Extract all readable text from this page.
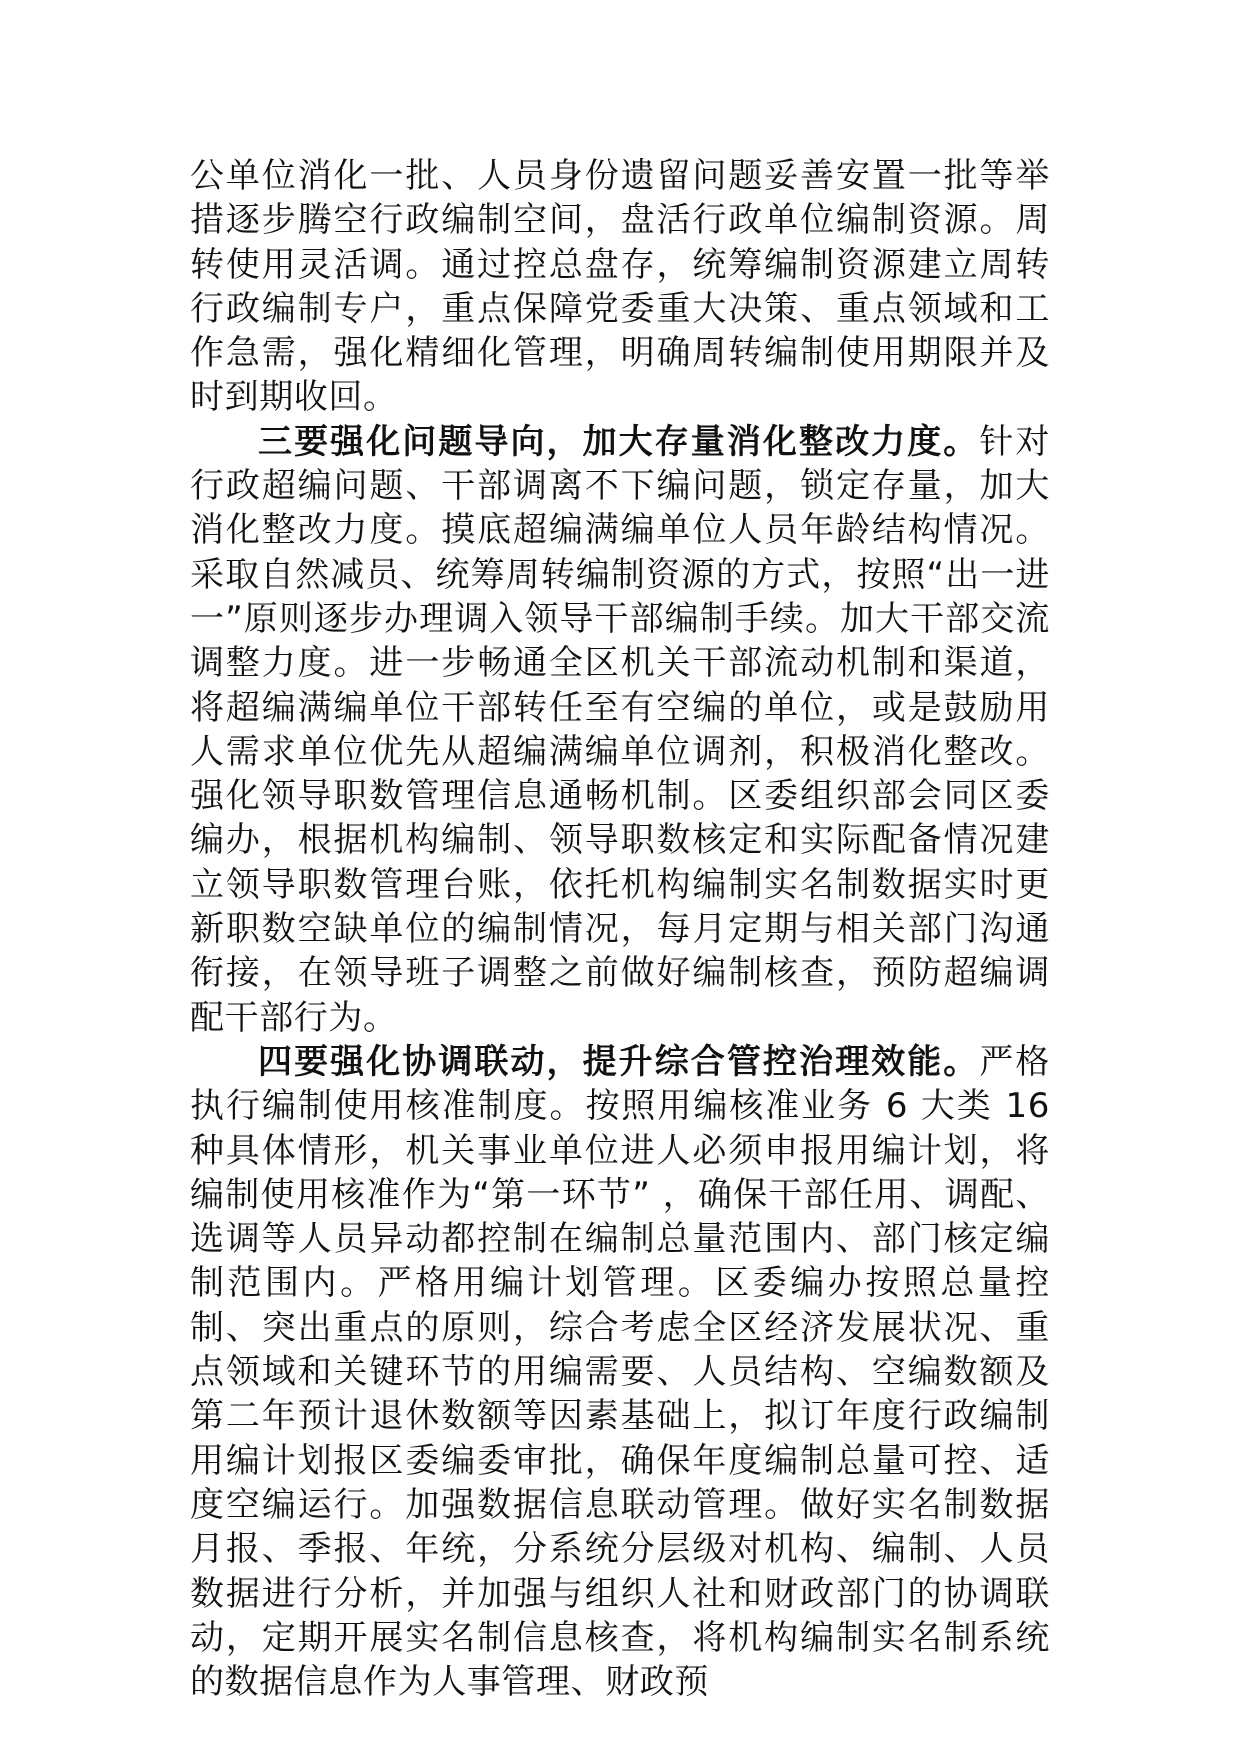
公单位消化一批、人员身份遗留问题妥善安置一批等举措逐步腾空行政编制空间，盘活行政单位编制资源。周转使用灵活调。通过控总盘存，统筹编制资源建立周转行政编制专户，重点保障党委重大决策、重点领域和工作急需，强化精细化管理，明确周转编制使用期限并及时到期收回。

三要强化问题导向，加大存量消化整改力度。针对行政超编问题、干部调离不下编问题，锁定存量，加大消化整改力度。摸底超编满编单位人员年龄结构情况。采取自然减员、统筹周转编制资源的方式，按照“出一进一”原则逐步办理调入领导干部编制手续。加大干部交流调整力度。进一步畅通全区机关干部流动机制和渠道，将超编满编单位干部转任至有空编的单位，或是鼓励用人需求单位优先从超编满编单位调剂，积极消化整改。强化领导职数管理信息通畅机制。区委组织部会同区委编办，根据机构编制、领导职数核定和实际配备情况建立领导职数管理台账，依托机构编制实名制数据实时更新职数空缺单位的编制情况，每月定期与相关部门沟通衔接，在领导班子调整之前做好编制核查，预防超编调配干部行为。

四要强化协调联动，提升综合管控治理效能。严格执行编制使用核准制度。按照用编核准业务 6 大类 16 种具体情形，机关事业单位进人必须申报用编计划，将编制使用核准作为“第一环节” ，确保干部任用、调配、选调等人员异动都控制在编制总量范围内、部门核定编制范围内。严格用编计划管理。区委编办按照总量控制、突出重点的原则，综合考虑全区经济发展状况、重点领域和关键环节的用编需要、人员结构、空编数额及第二年预计退休数额等因素基础上，拟订年度行政编制用编计划报区委编委审批，确保年度编制总量可控、适度空编运行。加强数据信息联动管理。做好实名制数据月报、季报、年统，分系统分层级对机构、编制、人员数据进行分析，并加强与组织人社和财政部门的协调联动，定期开展实名制信息核查，将机构编制实名制系统的数据信息作为人事管理、财政预
